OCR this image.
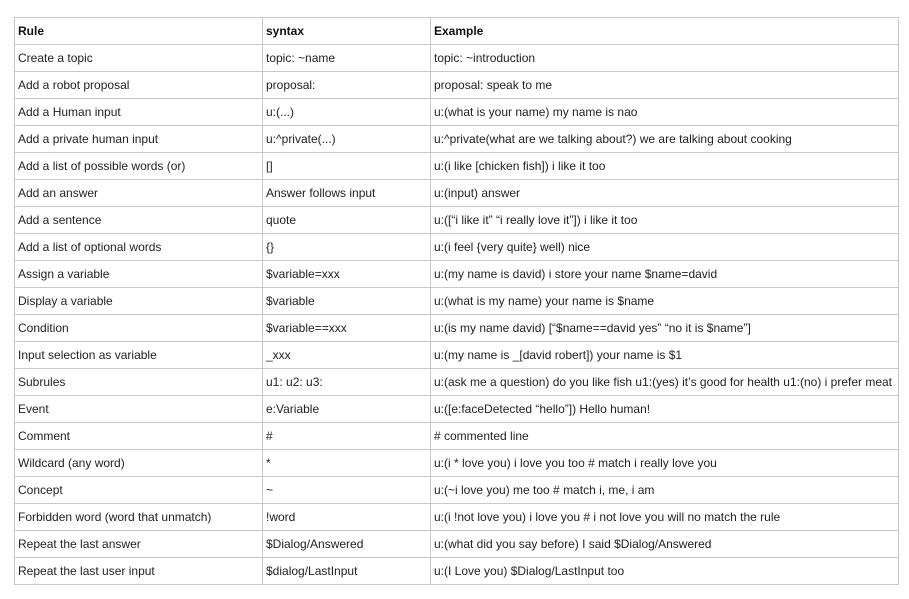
Rule	syntax	Example
Create a topic	topic: ~name	topic: ~introduction
Add a robot proposal	proposal:	proposal: speak to me
Add a Human input	u:(...)	u:(what is your name) my name is nao
Add a private human input	u:^private(...)	u:^private(what are we talking about?) we are talking about cooking
Add a list of possible words (or)	[]	u:(i like [chicken fish]) i like it too
Add an answer	Answer follows input	u:(input) answer
Add a sentence	quote	u:([“i like it” “i really love it”]) i like it too
Add a list of optional words	{}	u:(i feel {very quite} well) nice
Assign a variable	$variable=xxx	u:(my name is david) i store your name $name=david
Display a variable	$variable	u:(what is my name) your name is $name
Condition	$variable==xxx	u:(is my name david) [“$name==david yes” “no it is $name”]
Input selection as variable	_xxx	u:(my name is _[david robert]) your name is $1
Subrules	u1: u2: u3:	u:(ask me a question) do you like fish u1:(yes) it’s good for health u1:(no) i prefer meat
Event	e:Variable	u:([e:faceDetected “hello”]) Hello human!
Comment	#	# commented line
Wildcard (any word)	*	u:(i * love you) i love you too # match i really love you
Concept	~	u:(~i love you) me too # match i, me, i am
Forbidden word (word that unmatch)	!word	u:(i !not love you) i love you # i not love you will no match the rule
Repeat the last answer	$Dialog/Answered	u:(what did you say before) I said $Dialog/Answered
Repeat the last user input	$dialog/LastInput	u:(I Love you) $Dialog/LastInput too
